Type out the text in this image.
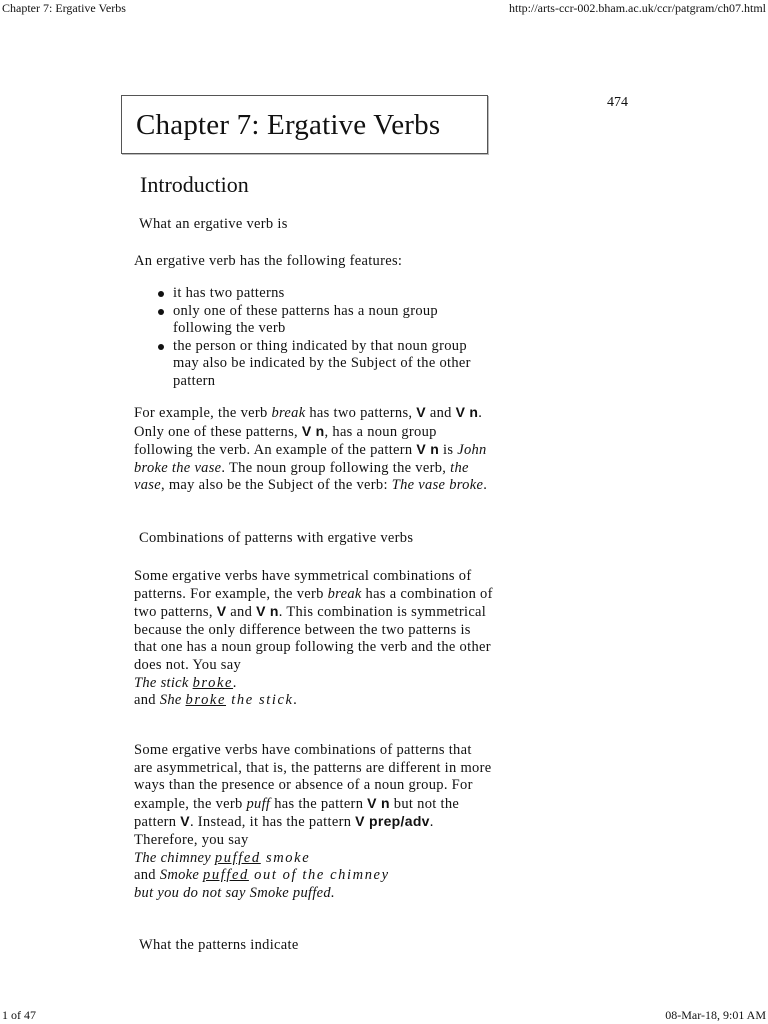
Chapter 7: Ergative Verbs	http://arts-ccr-002.bham.ac.uk/ccr/patgram/ch07.html
Chapter 7: Ergative Verbs
474
Introduction
What an ergative verb is

An ergative verb has the following features:

it has two patterns
only one of these patterns has a noun group following the verb
the person or thing indicated by that noun group may also be indicated by the Subject of the other pattern

For example, the verb break has two patterns, V and V n. Only one of these patterns, V n, has a noun group following the verb. An example of the pattern V n is John broke the vase. The noun group following the verb, the vase, may also be the Subject of the verb: The vase broke.

Combinations of patterns with ergative verbs

Some ergative verbs have symmetrical combinations of patterns. For example, the verb break has a combination of two patterns, V and V n. This combination is symmetrical because the only difference between the two patterns is that one has a noun group following the verb and the other does not. You say
The stick broke.
and She broke the stick.

Some ergative verbs have combinations of patterns that are asymmetrical, that is, the patterns are different in more ways than the presence or absence of a noun group. For example, the verb puff has the pattern V n but not the pattern V. Instead, it has the pattern V prep/adv. Therefore, you say
The chimney puffed smoke
and Smoke puffed out of the chimney
but you do not say Smoke puffed.

What the patterns indicate
1 of 47	08-Mar-18, 9:01 AM
